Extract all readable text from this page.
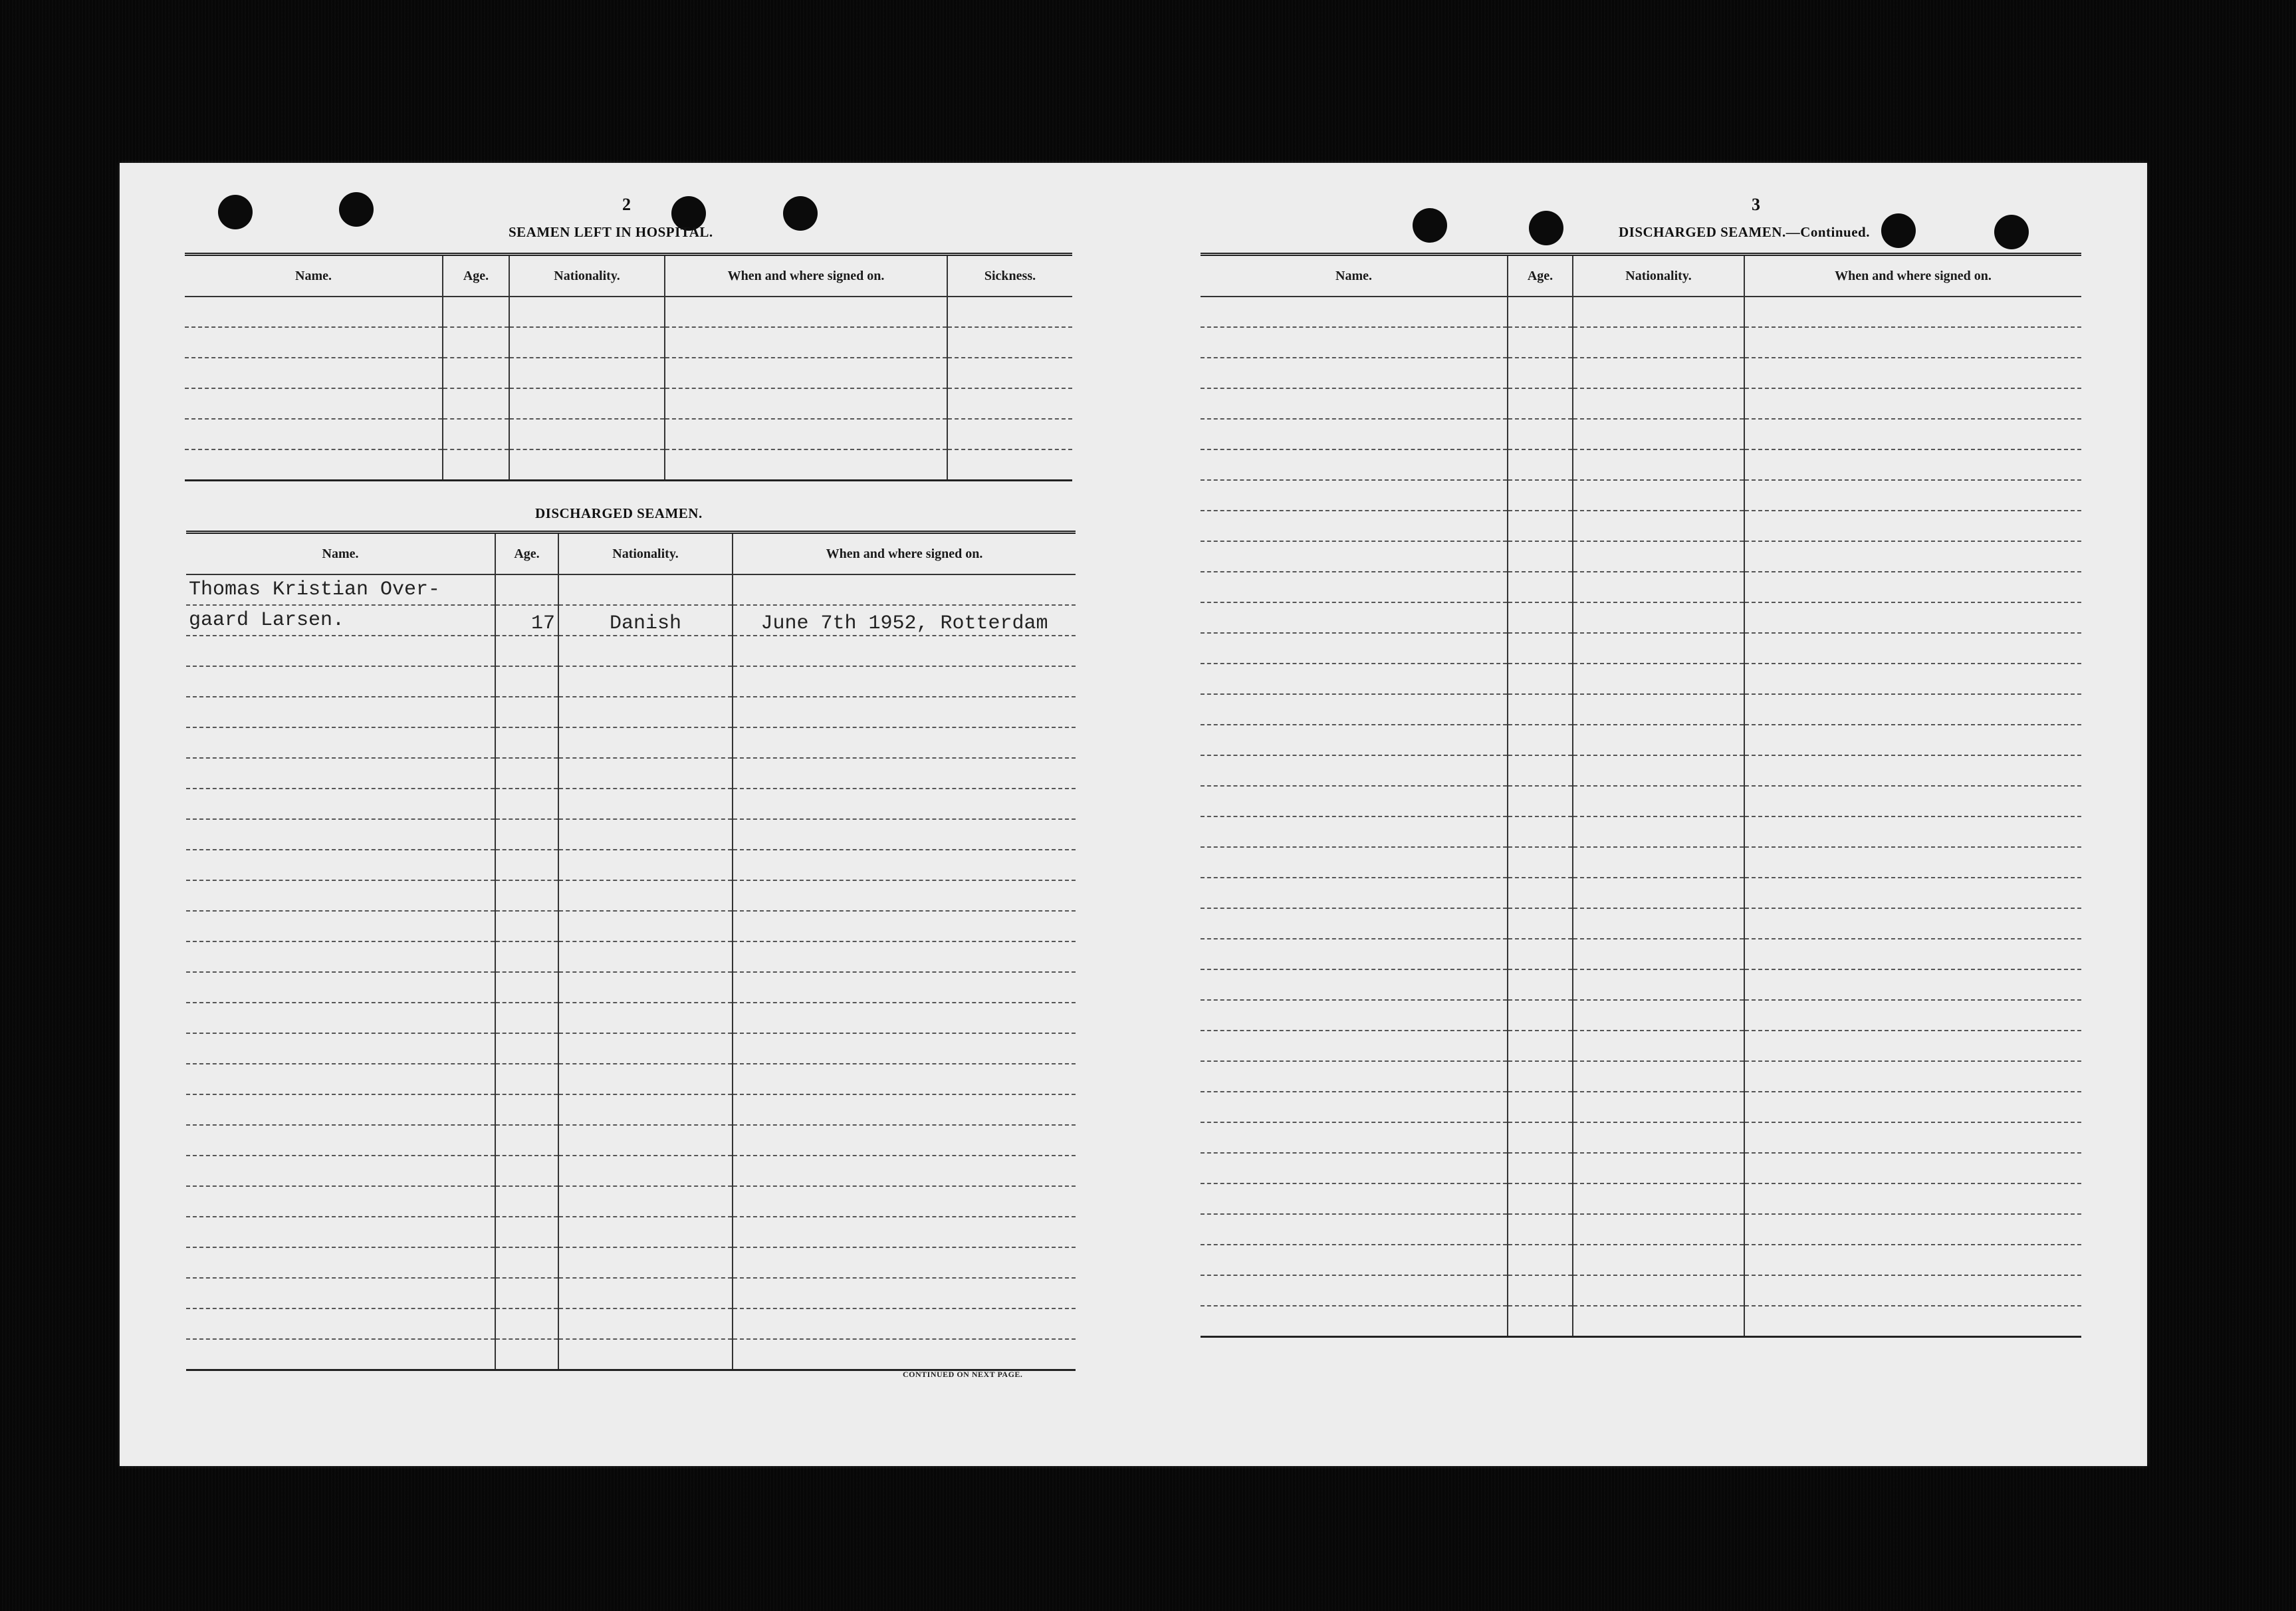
2
SEAMEN LEFT IN HOSPITAL.
Name.	Age.	Nationality.	When and where signed on.	Sickness.

DISCHARGED SEAMEN.
Name.	Age.	Nationality.	When and where signed on.
Thomas Kristian Over-			
gaard Larsen.	17	Danish	June 7th 1952, Rotterdam

CONTINUED ON NEXT PAGE.
3
DISCHARGED SEAMEN.—Continued.
Name.	Age.	Nationality.	When and where signed on.
